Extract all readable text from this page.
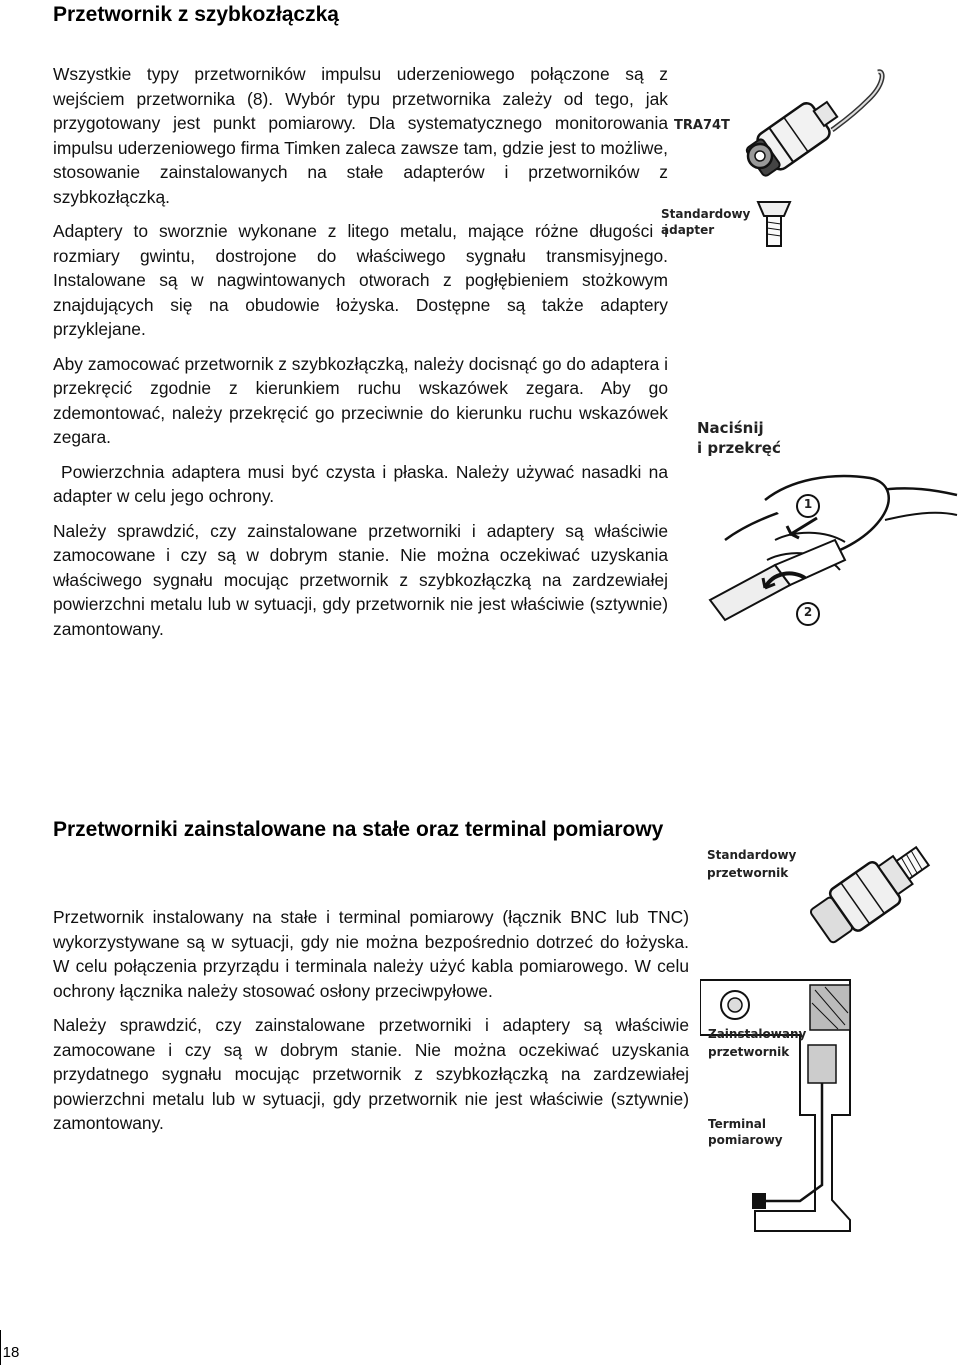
Przetwornik z szybkozłączką

Wszystkie typy przetworników impulsu uderzeniowego połączone są z wejściem przetwornika (8). Wybór typu przetwornika zależy od tego, jak przygotowany jest punkt pomiarowy. Dla systematycznego monitorowania impulsu uderzeniowego firma Timken zaleca zawsze tam, gdzie jest to możliwe, stosowanie zainstalowanych na stałe adapterów i przetworników z szybkozłączką.

Adaptery to sworznie wykonane z litego metalu, mające różne długości i rozmiary gwintu, dostrojone do właściwego sygnału transmisyjnego. Instalowane są w nagwintowanych otworach z pogłębieniem stożkowym znajdujących się na obudowie łożyska. Dostępne są także adaptery przyklejane.

Aby zamocować przetwornik z szybkozłączką, należy docisnąć go do adaptera i przekręcić zgodnie z kierunkiem ruchu wskazówek zegara. Aby go zdemontować, należy przekręcić go przeciwnie do kierunku ruchu wskazówek zegara.

Powierzchnia adaptera musi być czysta i płaska. Należy używać nasadki na adapter w celu jego ochrony.

Należy sprawdzić, czy zainstalowane przetworniki i adaptery są właściwie zamocowane i czy są w dobrym stanie. Nie można oczekiwać uzyskania właściwego sygnału mocując przetwornik z szybkozłączką na zardzewiałej powierzchni metalu lub w sytuacji, gdy przetwornik nie jest właściwie (sztywnie) zamontowany.

TRA74T
Standardowy
adapter
Naciśnij
i przekręć
1
2
Przetworniki zainstalowane na stałe oraz terminal pomiarowy

Przetwornik instalowany na stałe i terminal pomiarowy (łącznik BNC lub TNC) wykorzystywane są w sytuacji, gdy nie można bezpośrednio dotrzeć do łożyska. W celu połączenia przyrządu i terminala należy użyć kabla pomiarowego. W celu ochrony łącznika należy stosować osłony przeciwpyłowe.

Należy sprawdzić, czy zainstalowane przetworniki i adaptery są właściwie zamocowane i czy są w dobrym stanie. Nie można oczekiwać uzyskania przydatnego sygnału mocując przetwornik z szybkozłączką na zardzewiałej powierzchni metalu lub w sytuacji, gdy przetwornik nie jest właściwie (sztywnie) zamontowany.

Standardowy
przetwornik
Zainstalowany
przetwornik
Terminal
pomiarowy
18
